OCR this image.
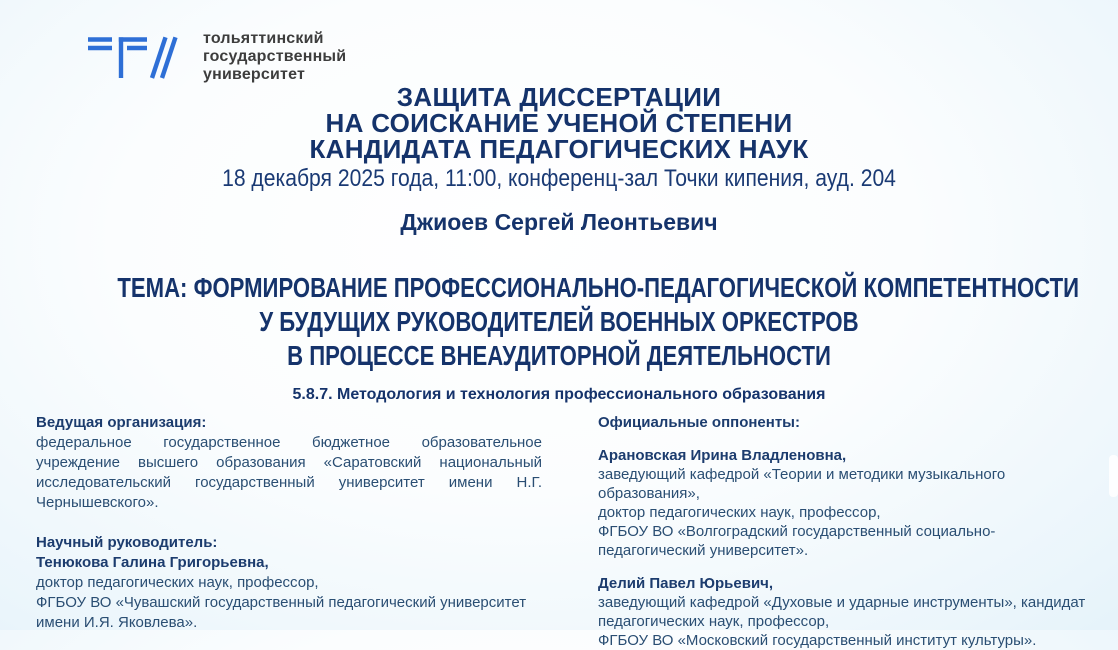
тольяттинский
государственный
университет
ЗАЩИТА ДИССЕРТАЦИИ
НА СОИСКАНИЕ УЧЕНОЙ СТЕПЕНИ
КАНДИДАТА ПЕДАГОГИЧЕСКИХ НАУК
18 декабря 2025 года, 11:00, конференц-зал Точки кипения, ауд. 204
Джиоев Сергей Леонтьевич
ТЕМА: ФОРМИРОВАНИЕ ПРОФЕССИОНАЛЬНО-ПЕДАГОГИЧЕСКОЙ КОМПЕТЕНТНОСТИ
У БУДУЩИХ РУКОВОДИТЕЛЕЙ ВОЕННЫХ ОРКЕСТРОВ
В ПРОЦЕССЕ ВНЕАУДИТОРНОЙ ДЕЯТЕЛЬНОСТИ
5.8.7. Методология и технология профессионального образования
Ведущая организация:
федеральное государственное бюджетное образовательное учреждение высшего образования «Саратовский национальный исследовательский государственный университет имени Н.Г. Чернышевского».
Научный руководитель:
Тенюкова Галина Григорьевна,
доктор педагогических наук, профессор,
ФГБОУ ВО «Чувашский государственный педагогический университет имени И.Я. Яковлева».
Официальные оппоненты:
Арановская Ирина Владленовна,
заведующий кафедрой «Теории и методики музыкального образования»,
доктор педагогических наук, профессор,
ФГБОУ ВО «Волгоградский государственный социально-педагогический университет».
Делий Павел Юрьевич,
заведующий кафедрой «Духовые и ударные инструменты», кандидат педагогических наук, профессор,
ФГБОУ ВО «Московский государственный институт культуры».
